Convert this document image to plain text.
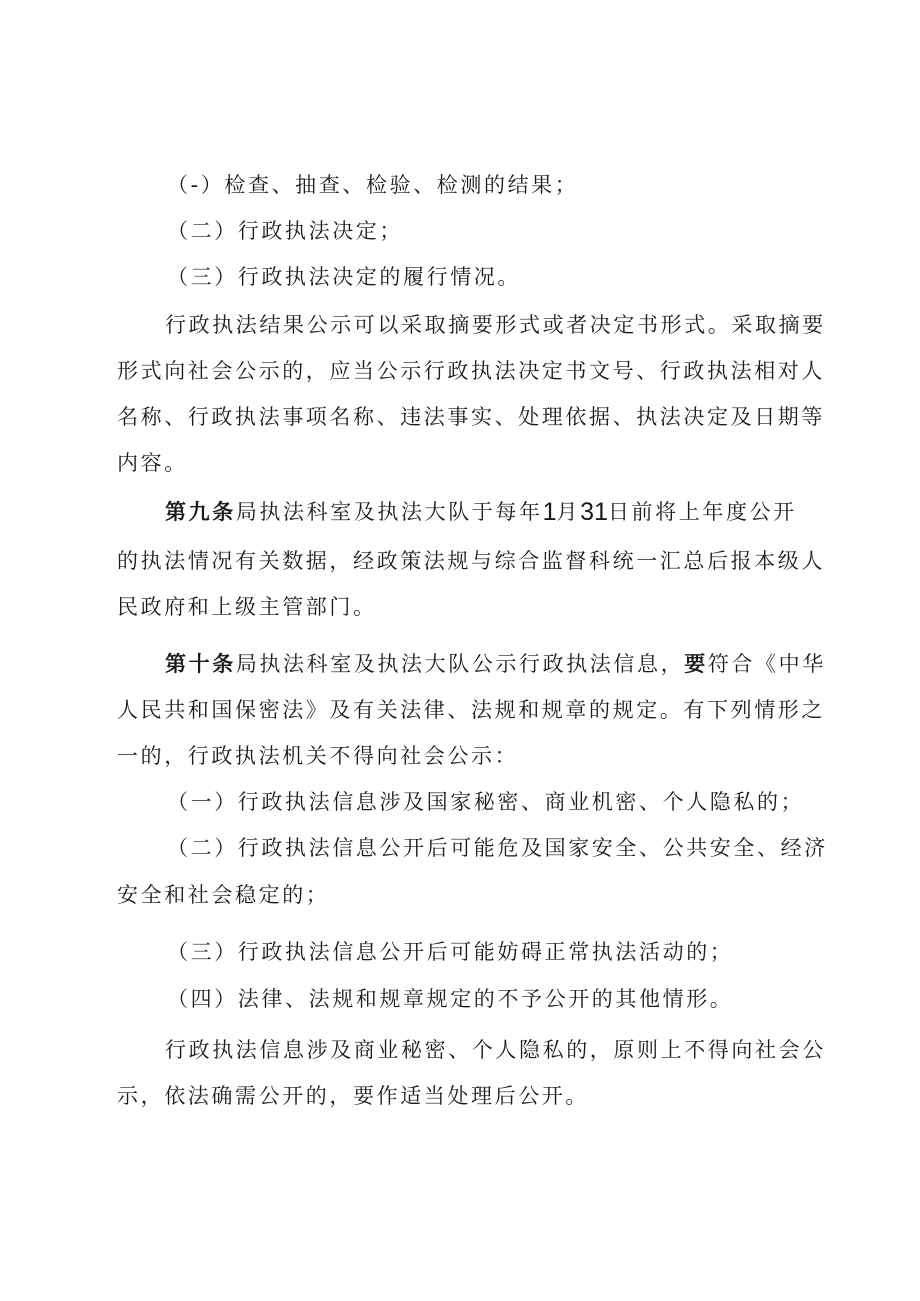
（-）检查、抽查、检验、检测的结果；
（二）行政执法决定；
（三）行政执法决定的履行情况。
行政执法结果公示可以采取摘要形式或者决定书形式。采取摘要
形式向社会公示的，应当公示行政执法决定书文号、行政执法相对人
名称、行政执法事项名称、违法事实、处理依据、执法决定及日期等
内容。
第九条局执法科室及执法大队于每年1月31日前将上年度公开
的执法情况有关数据，经政策法规与综合监督科统一汇总后报本级人
民政府和上级主管部门。
第十条局执法科室及执法大队公示行政执法信息，要符合《中华
人民共和国保密法》及有关法律、法规和规章的规定。有下列情形之
一的，行政执法机关不得向社会公示：
（一）行政执法信息涉及国家秘密、商业机密、个人隐私的；
（二）行政执法信息公开后可能危及国家安全、公共安全、经济
安全和社会稳定的；
（三）行政执法信息公开后可能妨碍正常执法活动的；
（四）法律、法规和规章规定的不予公开的其他情形。
行政执法信息涉及商业秘密、个人隐私的，原则上不得向社会公
示，依法确需公开的，要作适当处理后公开。
